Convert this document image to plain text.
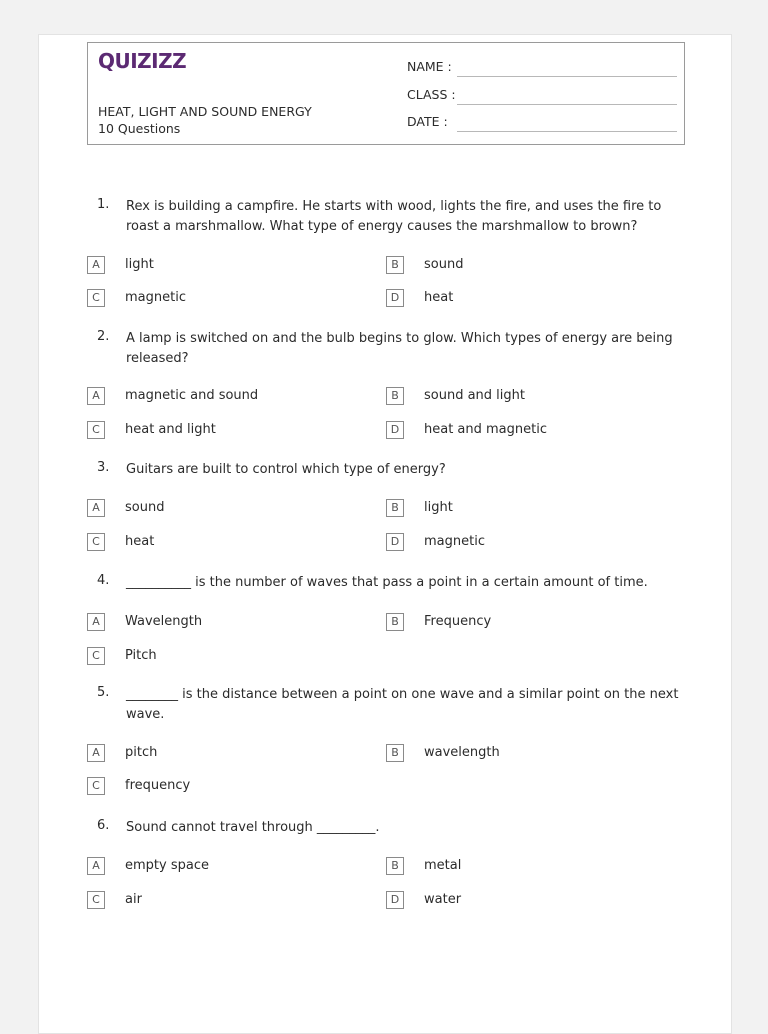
QUIZIZZ
HEAT, LIGHT AND SOUND ENERGY
10 Questions
NAME :
CLASS :
DATE :
1. Rex is building a campfire. He starts with wood, lights the fire, and uses the fire to roast a marshmallow. What type of energy causes the marshmallow to brown?
A	light	B	sound
C	magnetic	D	heat
2. A lamp is switched on and the bulb begins to glow. Which types of energy are being released?
A	magnetic and sound	B	sound and light
C	heat and light	D	heat and magnetic
3. Guitars are built to control which type of energy?
A	sound	B	light
C	heat	D	magnetic
4. __________ is the number of waves that pass a point in a certain amount of time.
A	Wavelength	B	Frequency
C	Pitch
5. ________ is the distance between a point on one wave and a similar point on the next wave.
A	pitch	B	wavelength
C	frequency
6. Sound cannot travel through _________.
A	empty space	B	metal
C	air	D	water
